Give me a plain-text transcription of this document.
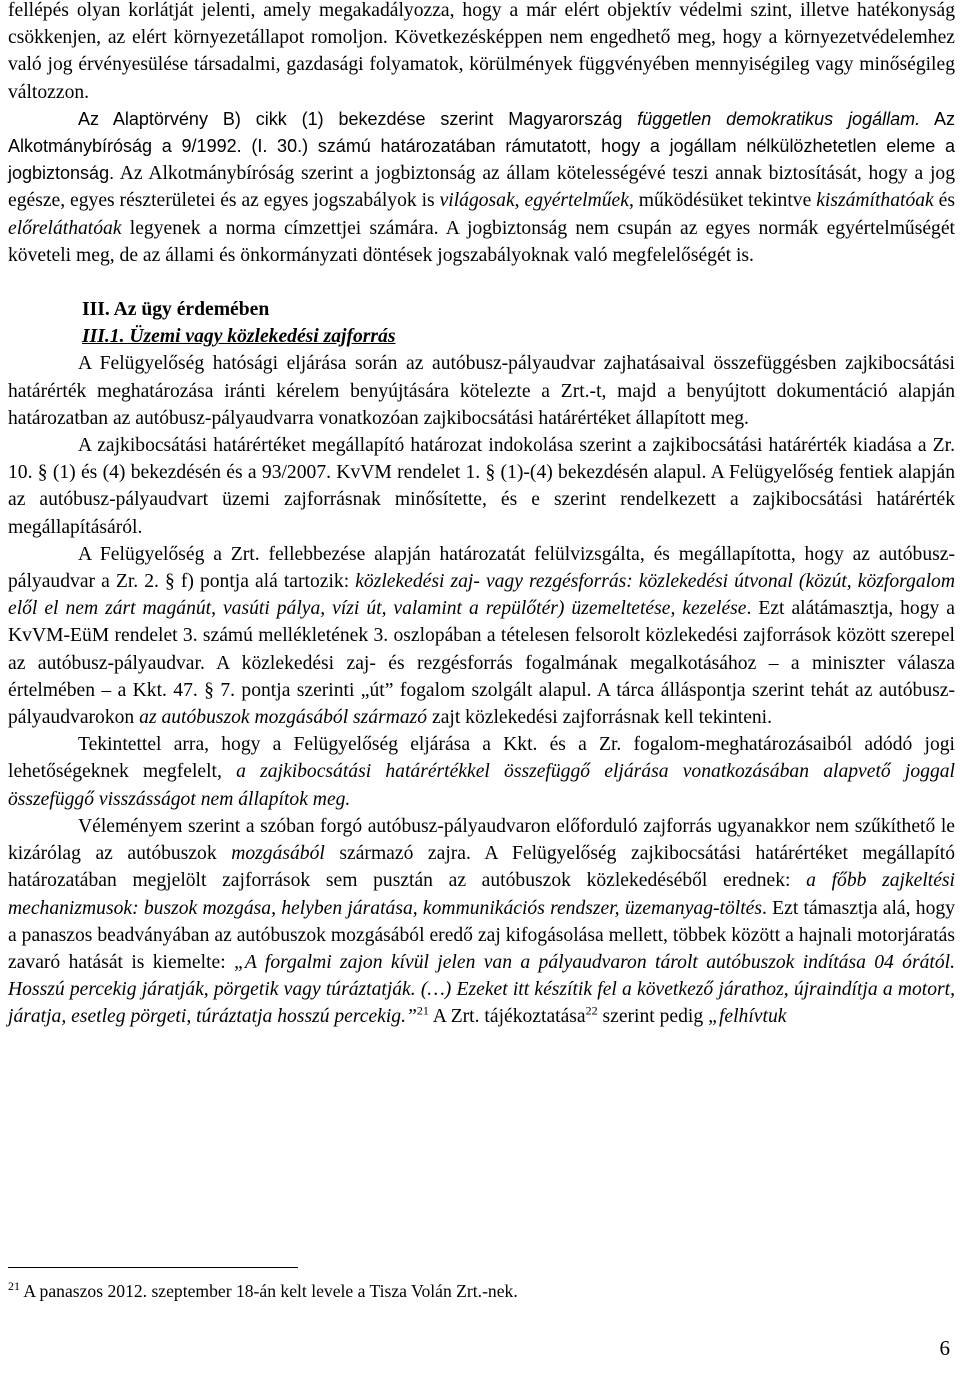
fellépés olyan korlátját jelenti, amely megakadályozza, hogy a már elért objektív védelmi szint, illetve hatékonyság csökkenjen, az elért környezetállapot romoljon. Következésképpen nem engedhető meg, hogy a környezetvédelemhez való jog érvényesülése társadalmi, gazdasági folyamatok, körülmények függvényében mennyiségileg vagy minőségileg változzon.

Az Alaptörvény B) cikk (1) bekezdése szerint Magyarország független demokratikus jogállam. Az Alkotmánybíróság a 9/1992. (I. 30.) számú határozatában rámutatott, hogy a jogállam nélkülözhetetlen eleme a jogbiztonság. Az Alkotmánybíróság szerint a jogbiztonság az állam kötelességévé teszi annak biztosítását, hogy a jog egésze, egyes részterületei és az egyes jogszabályok is világosak, egyértelműek, működésüket tekintve kiszámíthatóak és előreláthatóak legyenek a norma címzettjei számára. A jogbiztonság nem csupán az egyes normák egyértelműségét követeli meg, de az állami és önkormányzati döntések jogszabályoknak való megfelelőségét is.

III. Az ügy érdemében

III.1. Üzemi vagy közlekedési zajforrás

A Felügyelőség hatósági eljárása során az autóbusz-pályaudvar zajhatásaival összefüggésben zajkibocsátási határérték meghatározása iránti kérelem benyújtására kötelezte a Zrt.-t, majd a benyújtott dokumentáció alapján határozatban az autóbusz-pályaudvarra vonatkozóan zajkibocsátási határértéket állapított meg.

A zajkibocsátási határértéket megállapító határozat indokolása szerint a zajkibocsátási határérték kiadása a Zr. 10. § (1) és (4) bekezdésén és a 93/2007. KvVM rendelet 1. § (1)-(4) bekezdésén alapul. A Felügyelőség fentiek alapján az autóbusz-pályaudvart üzemi zajforrásnak minősítette, és e szerint rendelkezett a zajkibocsátási határérték megállapításáról.

A Felügyelőség a Zrt. fellebbezése alapján határozatát felülvizsgálta, és megállapította, hogy az autóbusz-pályaudvar a Zr. 2. § f) pontja alá tartozik: közlekedési zaj- vagy rezgésforrás: közlekedési útvonal (közút, közforgalom elől el nem zárt magánút, vasúti pálya, vízi út, valamint a repülőtér) üzemeltetése, kezelése. Ezt alátámasztja, hogy a KvVM-EüM rendelet 3. számú mellékletének 3. oszlopában a tételesen felsorolt közlekedési zajforrások között szerepel az autóbusz-pályaudvar. A közlekedési zaj- és rezgésforrás fogalmának megalkotásához – a miniszter válasza értelmében – a Kkt. 47. § 7. pontja szerinti „út” fogalom szolgált alapul. A tárca álláspontja szerint tehát az autóbusz-pályaudvarokon az autóbuszok mozgásából származó zajt közlekedési zajforrásnak kell tekinteni.

Tekintettel arra, hogy a Felügyelőség eljárása a Kkt. és a Zr. fogalom-meghatározásaiból adódó jogi lehetőségeknek megfelelt, a zajkibocsátási határértékkel összefüggő eljárása vonatkozásában alapvető joggal összefüggő visszásságot nem állapítok meg.

Véleményem szerint a szóban forgó autóbusz-pályaudvaron előforduló zajforrás ugyanakkor nem szűkíthető le kizárólag az autóbuszok mozgásából származó zajra. A Felügyelőség zajkibocsátási határértéket megállapító határozatában megjelölt zajforrások sem pusztán az autóbuszok közlekedéséből erednek: a főbb zajkeltési mechanizmusok: buszok mozgása, helyben járatása, kommunikációs rendszer, üzemanyag-töltés. Ezt támasztja alá, hogy a panaszos beadványában az autóbuszok mozgásából eredő zaj kifogásolása mellett, többek között a hajnali motorjáratás zavaró hatását is kiemelte: „A forgalmi zajon kívül jelen van a pályaudvaron tárolt autóbuszok indítása 04 órától. Hosszú percekig járatják, pörgetik vagy túráztatják. (…) Ezeket itt készítik fel a következő járathoz, újraindítja a motort, járatja, esetleg pörgeti, túráztatja hosszú percekig.”$^{21}$ A Zrt. tájékoztatása$^{22}$ szerint pedig „felhívtuk

$^{21}$ A panaszos 2012. szeptember 18-án kelt levele a Tisza Volán Zrt.-nek.
6
